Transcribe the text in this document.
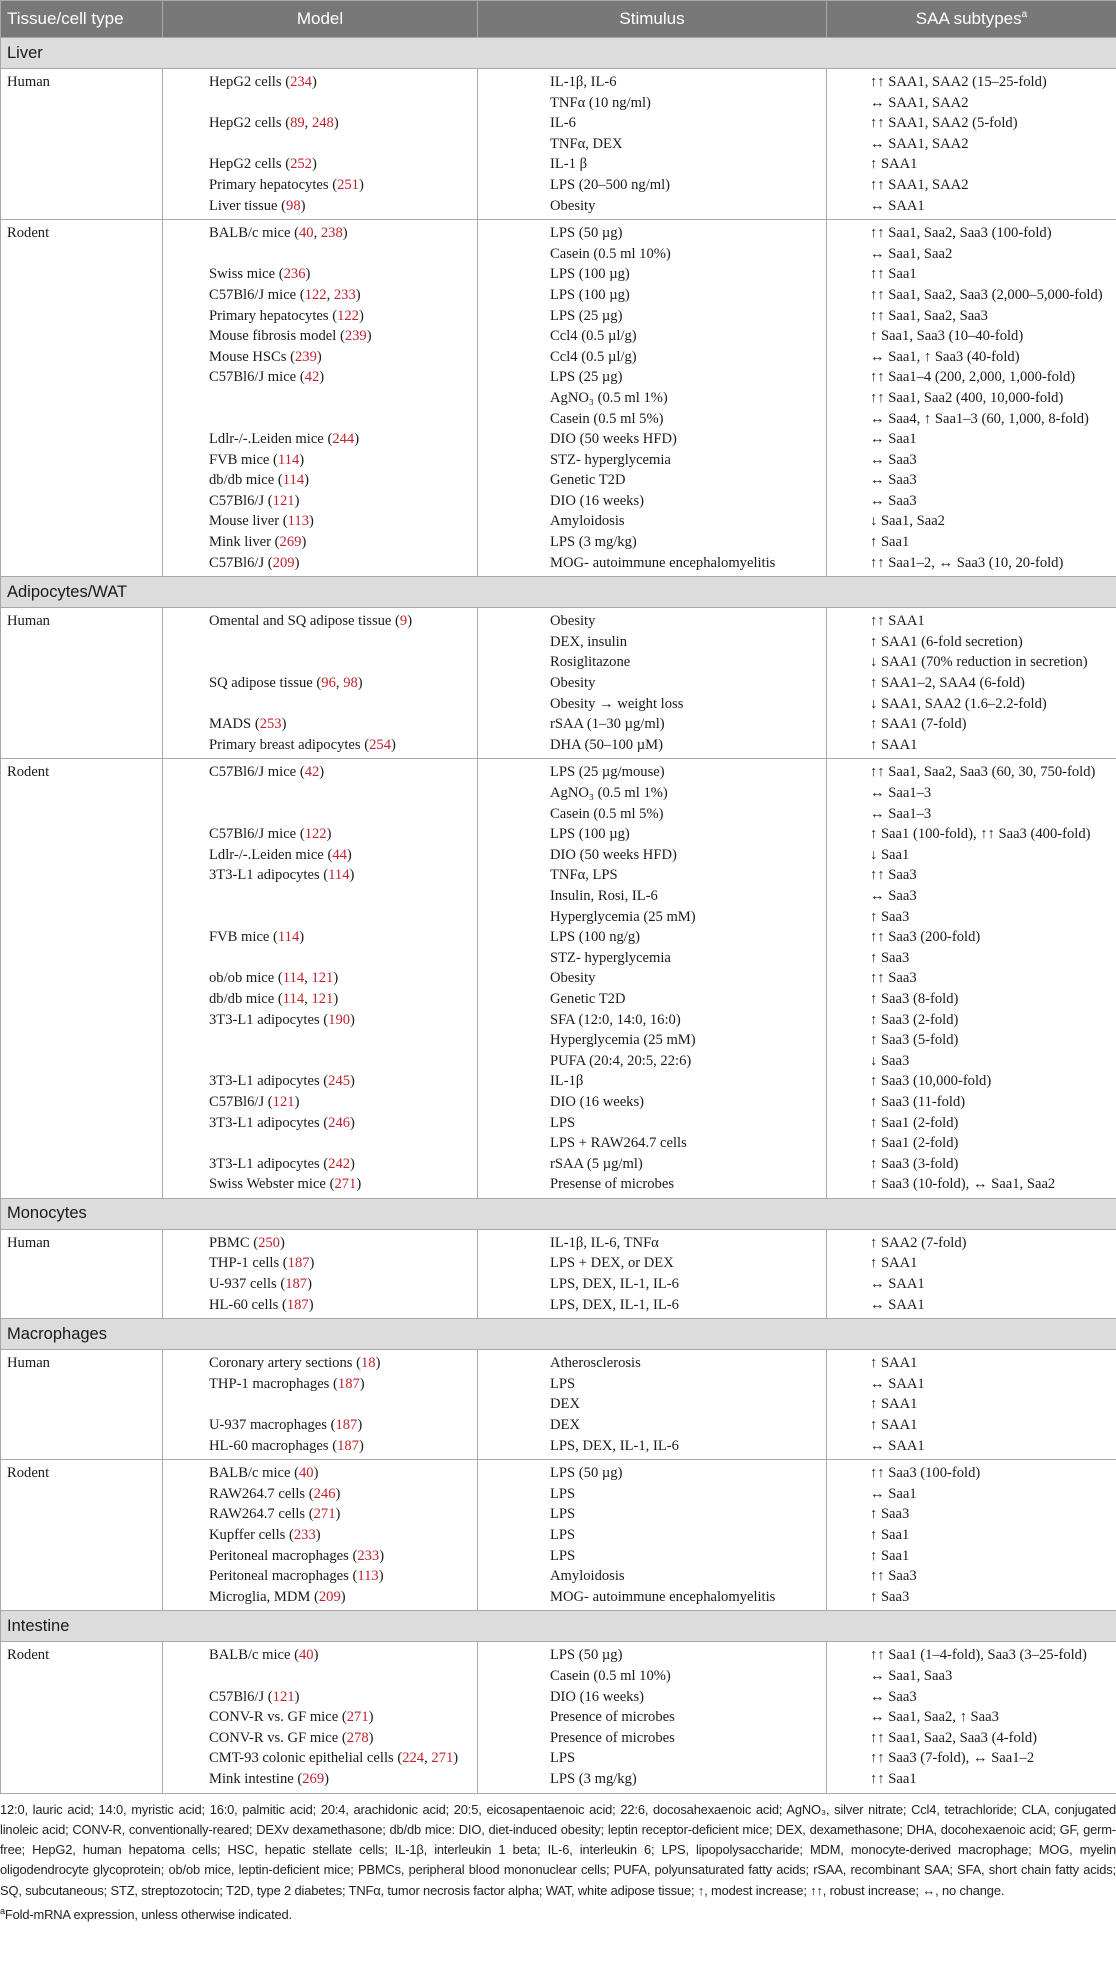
Tissue/cell type	Model	Stimulus	SAA subtypes$^a$
Liver			
Human	HepG2 cells (234)	IL-1β, IL-6	↑↑ SAA1, SAA2 (15–25-fold)
		TNFα (10 ng/ml)	↔ SAA1, SAA2
	HepG2 cells (89, 248)	IL-6	↑↑ SAA1, SAA2 (5-fold)
		TNFα, DEX	↔ SAA1, SAA2
	HepG2 cells (252)	IL-1 β	↑ SAA1
	Primary hepatocytes (251)	LPS (20–500 ng/ml)	↑↑ SAA1, SAA2
	Liver tissue (98)	Obesity	↔ SAA1
Rodent	BALB/c mice (40, 238)	LPS (50 µg)	↑↑ Saa1, Saa2, Saa3 (100-fold)
		Casein (0.5 ml 10%)	↔ Saa1, Saa2
	Swiss mice (236)	LPS (100 µg)	↑↑ Saa1
	C57Bl6/J mice (122, 233)	LPS (100 µg)	↑↑ Saa1, Saa2, Saa3 (2,000–5,000-fold)
	Primary hepatocytes (122)	LPS (25 µg)	↑↑ Saa1, Saa2, Saa3
	Mouse fibrosis model (239)	Ccl4 (0.5 µl/g)	↑ Saa1, Saa3 (10–40-fold)
	Mouse HSCs (239)	Ccl4 (0.5 µl/g)	↔ Saa1, ↑ Saa3 (40-fold)
	C57Bl6/J mice (42)	LPS (25 µg)	↑↑ Saa1–4 (200, 2,000, 1,000-fold)
		AgNO₃ (0.5 ml 1%)	↑↑ Saa1, Saa2 (400, 10,000-fold)
		Casein (0.5 ml 5%)	↔ Saa4, ↑ Saa1–3 (60, 1,000, 8-fold)
	Ldlr-/-.Leiden mice (244)	DIO (50 weeks HFD)	↔ Saa1
	FVB mice (114)	STZ- hyperglycemia	↔ Saa3
	db/db mice (114)	Genetic T2D	↔ Saa3
	C57Bl6/J (121)	DIO (16 weeks)	↔ Saa3
	Mouse liver (113)	Amyloidosis	↓ Saa1, Saa2
	Mink liver (269)	LPS (3 mg/kg)	↑ Saa1
	C57Bl6/J (209)	MOG- autoimmune encephalomyelitis	↑↑ Saa1–2, ↔ Saa3 (10, 20-fold)
Adipocytes/WAT			
Human	Omental and SQ adipose tissue (9)	Obesity	↑↑ SAA1
		DEX, insulin	↑ SAA1 (6-fold secretion)
		Rosiglitazone	↓ SAA1 (70% reduction in secretion)
	SQ adipose tissue (96, 98)	Obesity	↑ SAA1–2, SAA4 (6-fold)
		Obesity → weight loss	↓ SAA1, SAA2 (1.6–2.2-fold)
	MADS (253)	rSAA (1–30 µg/ml)	↑ SAA1 (7-fold)
	Primary breast adipocytes (254)	DHA (50–100 µM)	↑ SAA1
Rodent	C57Bl6/J mice (42)	LPS (25 µg/mouse)	↑↑ Saa1, Saa2, Saa3 (60, 30, 750-fold)
		AgNO₃ (0.5 ml 1%)	↔ Saa1–3
		Casein (0.5 ml 5%)	↔ Saa1–3
	C57Bl6/J mice (122)	LPS (100 µg)	↑ Saa1 (100-fold), ↑↑ Saa3 (400-fold)
	Ldlr-/-.Leiden mice (44)	DIO (50 weeks HFD)	↓ Saa1
	3T3-L1 adipocytes (114)	TNFα, LPS	↑↑ Saa3
		Insulin, Rosi, IL-6	↔ Saa3
		Hyperglycemia (25 mM)	↑ Saa3
	FVB mice (114)	LPS (100 ng/g)	↑↑ Saa3 (200-fold)
		STZ- hyperglycemia	↑ Saa3
	ob/ob mice (114, 121)	Obesity	↑↑ Saa3
	db/db mice (114, 121)	Genetic T2D	↑ Saa3 (8-fold)
	3T3-L1 adipocytes (190)	SFA (12:0, 14:0, 16:0)	↑ Saa3 (2-fold)
		Hyperglycemia (25 mM)	↑ Saa3 (5-fold)
		PUFA (20:4, 20:5, 22:6)	↓ Saa3
	3T3-L1 adipocytes (245)	IL-1β	↑ Saa3 (10,000-fold)
	C57Bl6/J (121)	DIO (16 weeks)	↑ Saa3 (11-fold)
	3T3-L1 adipocytes (246)	LPS	↑ Saa1 (2-fold)
		LPS + RAW264.7 cells	↑ Saa1 (2-fold)
	3T3-L1 adipocytes (242)	rSAA (5 µg/ml)	↑ Saa3 (3-fold)
	Swiss Webster mice (271)	Presense of microbes	↑ Saa3 (10-fold), ↔ Saa1, Saa2
Monocytes			
Human	PBMC (250)	IL-1β, IL-6, TNFα	↑ SAA2 (7-fold)
	THP-1 cells (187)	LPS + DEX, or DEX	↑ SAA1
	U-937 cells (187)	LPS, DEX, IL-1, IL-6	↔ SAA1
	HL-60 cells (187)	LPS, DEX, IL-1, IL-6	↔ SAA1
Macrophages			
Human	Coronary artery sections (18)	Atherosclerosis	↑ SAA1
	THP-1 macrophages (187)	LPS	↔ SAA1
		DEX	↑ SAA1
	U-937 macrophages (187)	DEX	↑ SAA1
	HL-60 macrophages (187)	LPS, DEX, IL-1, IL-6	↔ SAA1
Rodent	BALB/c mice (40)	LPS (50 µg)	↑↑ Saa3 (100-fold)
	RAW264.7 cells (246)	LPS	↔ Saa1
	RAW264.7 cells (271)	LPS	↑ Saa3
	Kupffer cells (233)	LPS	↑ Saa1
	Peritoneal macrophages (233)	LPS	↑ Saa1
	Peritoneal macrophages (113)	Amyloidosis	↑↑ Saa3
	Microglia, MDM (209)	MOG- autoimmune encephalomyelitis	↑ Saa3
Intestine			
Rodent	BALB/c mice (40)	LPS (50 µg)	↑↑ Saa1 (1–4-fold), Saa3 (3–25-fold)
		Casein (0.5 ml 10%)	↔ Saa1, Saa3
	C57Bl6/J (121)	DIO (16 weeks)	↔ Saa3
	CONV-R vs. GF mice (271)	Presence of microbes	↔ Saa1, Saa2, ↑ Saa3
	CONV-R vs. GF mice (278)	Presence of microbes	↑↑ Saa1, Saa2, Saa3 (4-fold)
	CMT-93 colonic epithelial cells (224, 271)	LPS	↑↑ Saa3 (7-fold), ↔ Saa1–2
	Mink intestine (269)	LPS (3 mg/kg)	↑↑ Saa1
12:0, lauric acid; 14:0, myristic acid; 16:0, palmitic acid; 20:4, arachidonic acid; 20:5, eicosapentaenoic acid; 22:6, docosahexaenoic acid; AgNO₃, silver nitrate; Ccl4, tetrachloride; CLA, conjugated linoleic acid; CONV-R, conventionally-reared; DEXv dexamethasone; db/db mice: DIO, diet-induced obesity; leptin receptor-deficient mice; DEX, dexamethasone; DHA, docohexaenoic acid; GF, germ-free; HepG2, human hepatoma cells; HSC, hepatic stellate cells; IL-1β, interleukin 1 beta; IL-6, interleukin 6; LPS, lipopolysaccharide; MDM, monocyte-derived macrophage; MOG, myelin oligodendrocyte glycoprotein; ob/ob mice, leptin-deficient mice; PBMCs, peripheral blood mononuclear cells; PUFA, polyunsaturated fatty acids; rSAA, recombinant SAA; SFA, short chain fatty acids; SQ, subcutaneous; STZ, streptozotocin; T2D, type 2 diabetes; TNFα, tumor necrosis factor alpha; WAT, white adipose tissue; ↑, modest increase; ↑↑, robust increase; ↔, no change.
$^a$Fold-mRNA expression, unless otherwise indicated.
